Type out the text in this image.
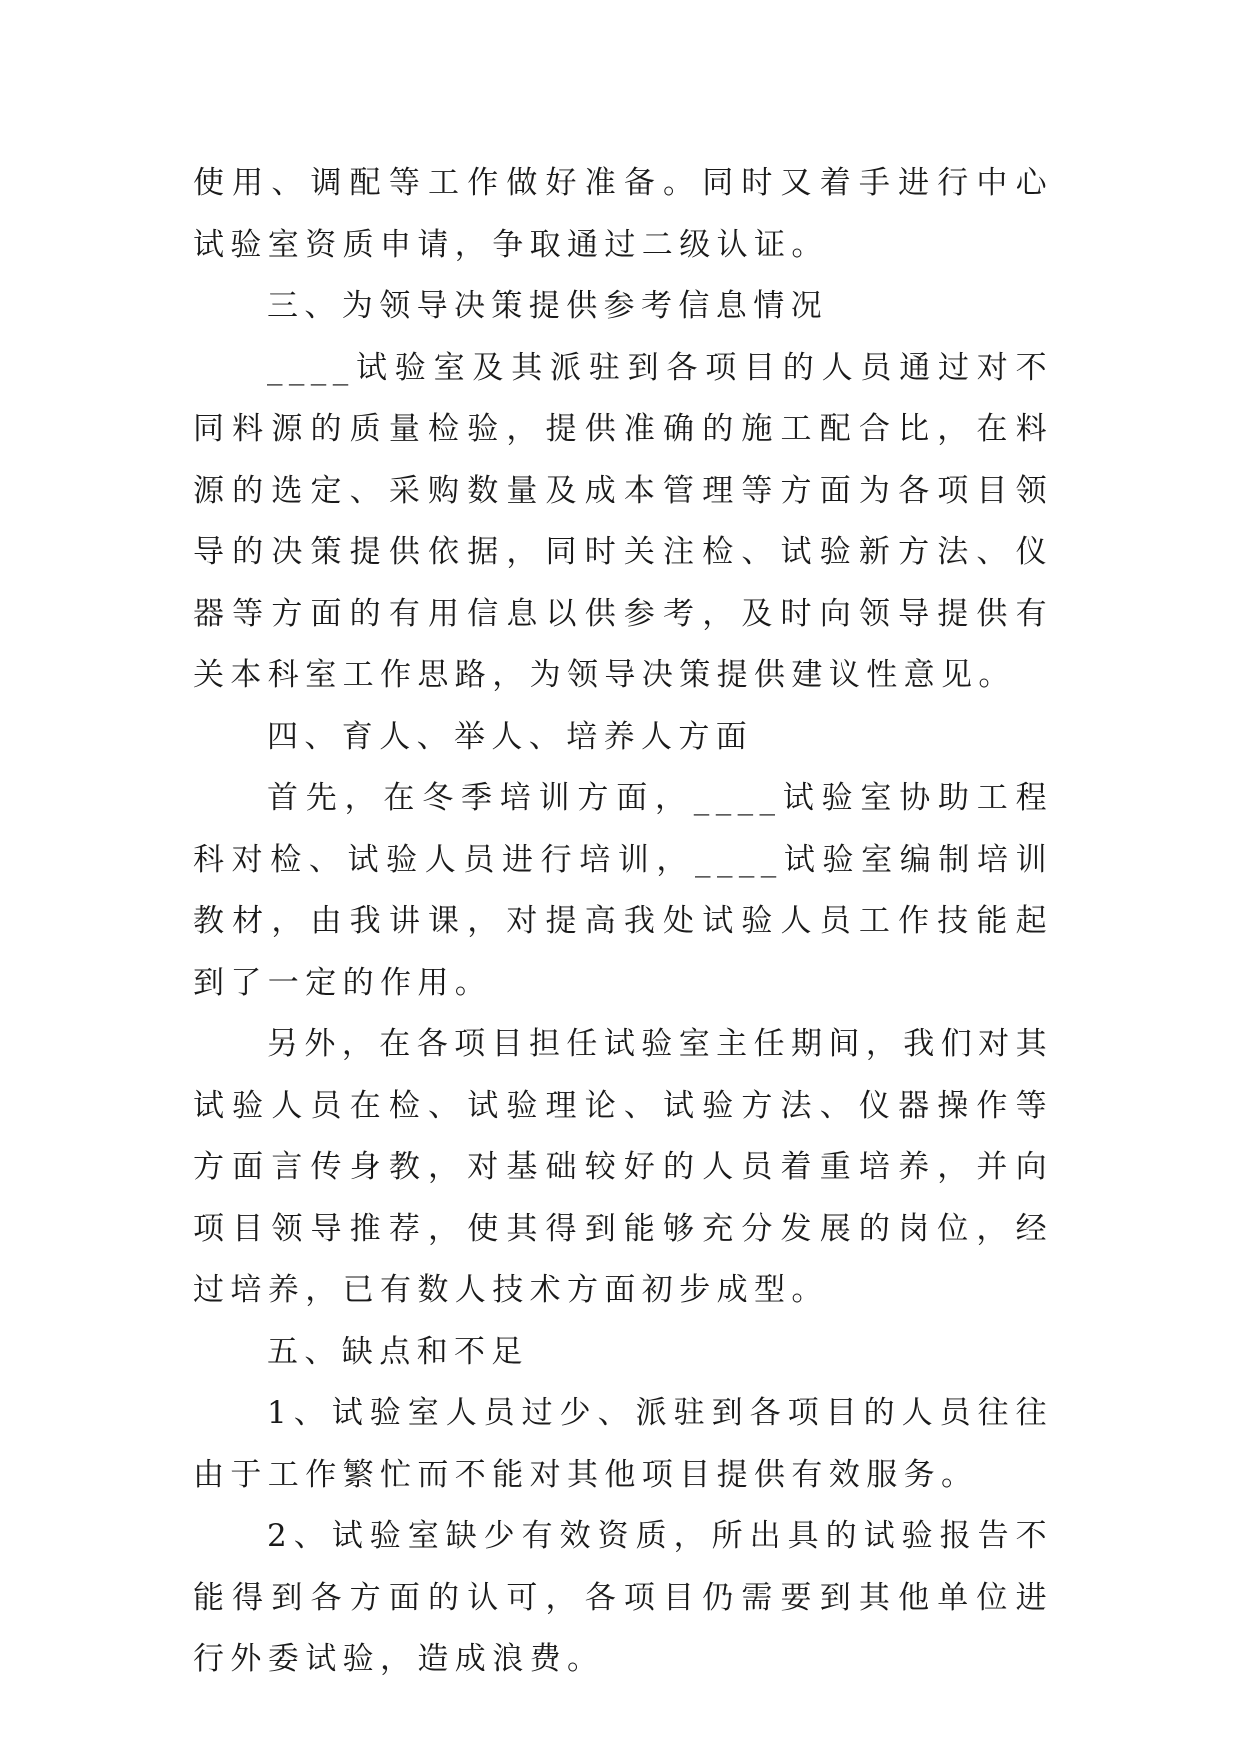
使用、调配等工作做好准备。同时又着手进行中心试验室资质申请，争取通过二级认证。

三、为领导决策提供参考信息情况

____试验室及其派驻到各项目的人员通过对不同料源的质量检验，提供准确的施工配合比，在料源的选定、采购数量及成本管理等方面为各项目领导的决策提供依据，同时关注检、试验新方法、仪器等方面的有用信息以供参考，及时向领导提供有关本科室工作思路，为领导决策提供建议性意见。

四、育人、举人、培养人方面

首先，在冬季培训方面，____试验室协助工程科对检、试验人员进行培训，____试验室编制培训教材，由我讲课，对提高我处试验人员工作技能起到了一定的作用。

另外，在各项目担任试验室主任期间，我们对其试验人员在检、试验理论、试验方法、仪器操作等方面言传身教，对基础较好的人员着重培养，并向项目领导推荐，使其得到能够充分发展的岗位，经过培养，已有数人技术方面初步成型。

五、缺点和不足

1、试验室人员过少、派驻到各项目的人员往往由于工作繁忙而不能对其他项目提供有效服务。

2、试验室缺少有效资质，所出具的试验报告不能得到各方面的认可，各项目仍需要到其他单位进行外委试验，造成浪费。
